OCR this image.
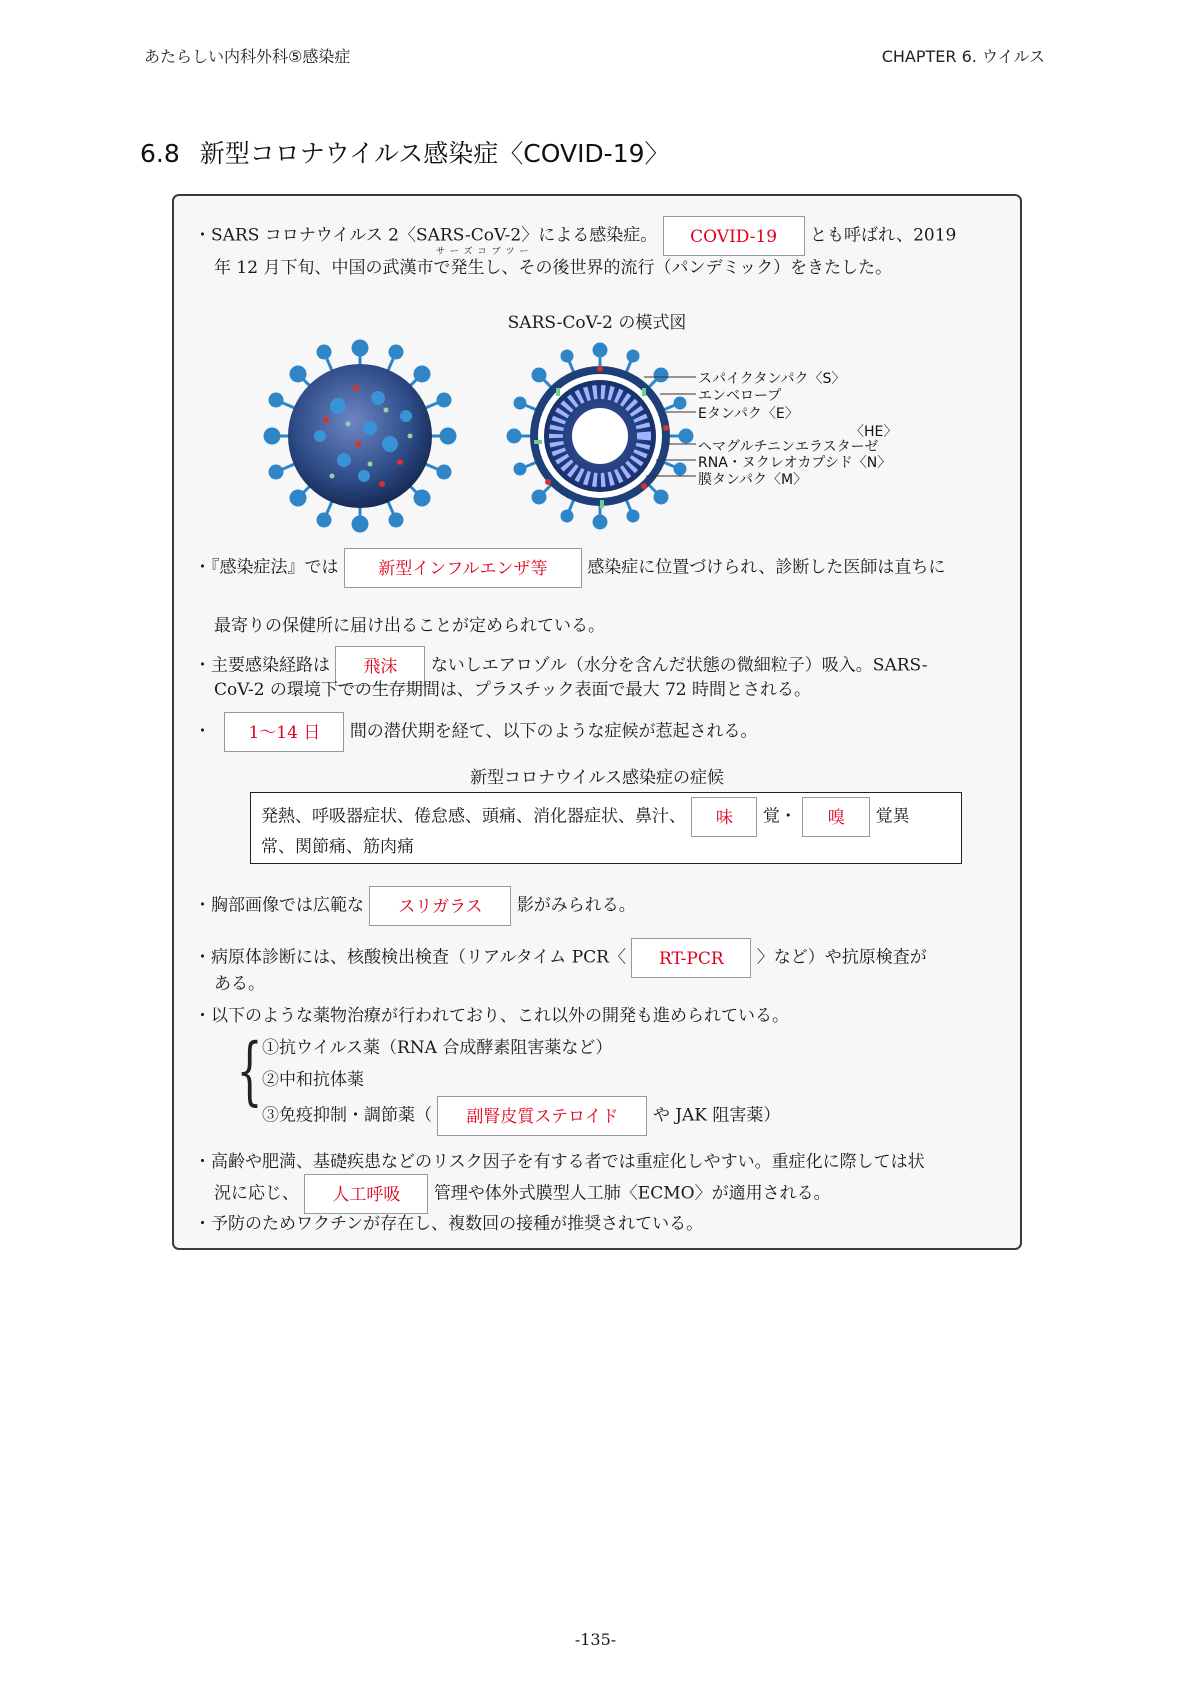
あたらしい内科外科⑤感染症	CHAPTER 6. ウイルス
6.8 新型コロナウイルス感染症〈COVID-19〉
・SARS コロナウイルス 2〈SARS-CoV-2〉による感染症。 COVID-19 とも呼ばれ、2019
サーズコブツー
年 12 月下旬、中国の武漢市で発生し、その後世界的流行（パンデミック）をきたした。
SARS-CoV-2 の模式図
スパイクタンパク〈S〉
エンベロープ
Eタンパク〈E〉
〈HE〉
ヘマグルチニンエラスターゼ
RNA・ヌクレオカプシド〈N〉
膜タンパク〈M〉
・『感染症法』では 新型インフルエンザ等 感染症に位置づけられ、診断した医師は直ちに
最寄りの保健所に届け出ることが定められている。
・主要感染経路は 飛沫 ないしエアロゾル（水分を含んだ状態の微細粒子）吸入。SARS-
CoV-2 の環境下での生存期間は、プラスチック表面で最大 72 時間とされる。
・ 1〜14 日 間の潜伏期を経て、以下のような症候が惹起される。
新型コロナウイルス感染症の症候
発熱、呼吸器症状、倦怠感、頭痛、消化器症状、鼻汁、 味 覚・ 嗅 覚異
常、関節痛、筋肉痛
・胸部画像では広範な スリガラス 影がみられる。
・病原体診断には、核酸検出検査（リアルタイム PCR〈 RT-PCR 〉など）や抗原検査が
ある。
・以下のような薬物治療が行われており、これ以外の開発も進められている。
{ ①抗ウイルス薬（RNA 合成酵素阻害薬など）
②中和抗体薬
③免疫抑制・調節薬（ 副腎皮質ステロイド や JAK 阻害薬）
・高齢や肥満、基礎疾患などのリスク因子を有する者では重症化しやすい。重症化に際しては状
況に応じ、 人工呼吸 管理や体外式膜型人工肺〈ECMO〉が適用される。
・予防のためワクチンが存在し、複数回の接種が推奨されている。
-135-
